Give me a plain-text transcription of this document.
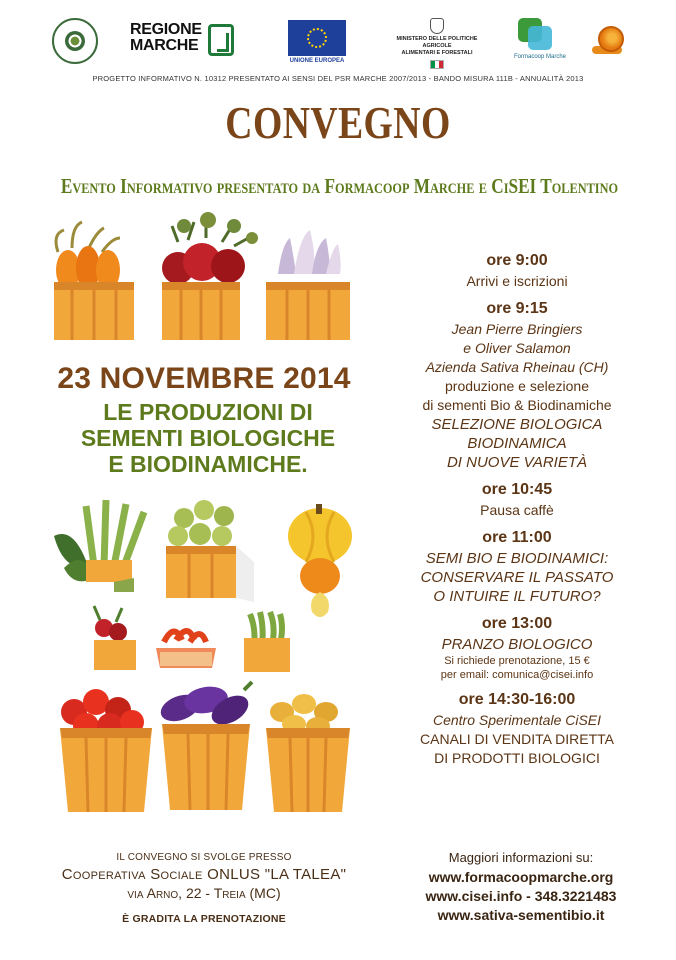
REGIONE
MARCHE
UNIONE EUROPEA
MINISTERO DELLE POLITICHE AGRICOLE
ALIMENTARI E FORESTALI
Formacoop Marche
PROGETTO INFORMATIVO N. 10312 PRESENTATO AI SENSI DEL PSR MARCHE 2007/2013 - BANDO MISURA 111B - ANNUALITÀ 2013
CONVEGNO
Evento Informativo presentato da Formacoop Marche e CiSEI Tolentino
23 NOVEMBRE 2014
LE PRODUZIONI DI
SEMENTI BIOLOGICHE
E BIODINAMICHE.
ore 9:00
Arrivi e iscrizioni
ore 9:15
Jean Pierre Bringiers
e Oliver Salamon
Azienda Sativa Rheinau (CH)
produzione e selezione
di sementi Bio & Biodinamiche
SELEZIONE BIOLOGICA
BIODINAMICA
DI NUOVE VARIETÀ
ore 10:45
Pausa caffè
ore 11:00
SEMI BIO E BIODINAMICI:
CONSERVARE IL PASSATO
O INTUIRE IL FUTURO?
ore 13:00
PRANZO BIOLOGICO
Si richiede prenotazione, 15 €
per email: comunica@cisei.info
ore 14:30-16:00
Centro Sperimentale CiSEI
CANALI DI VENDITA DIRETTA
DI PRODOTTI BIOLOGICI
IL CONVEGNO SI SVOLGE PRESSO
Cooperativa Sociale ONLUS "LA TALEA"
via Arno, 22 - Treia (MC)
È GRADITA LA PRENOTAZIONE
Maggiori informazioni su:
www.formacoopmarche.org
www.cisei.info - 348.3221483
www.sativa-sementibio.it
